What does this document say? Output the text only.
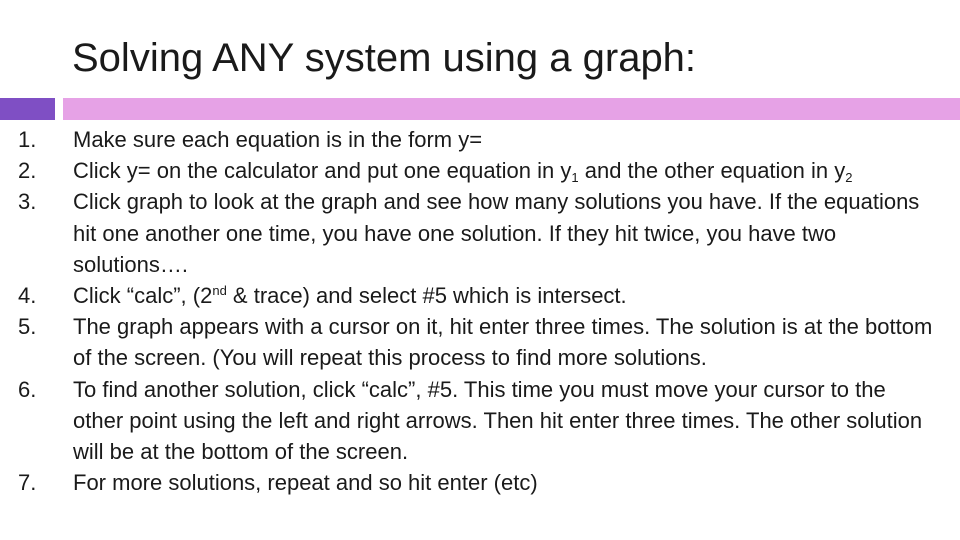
Solving ANY system using a graph:
1. Make sure each equation is in the form y=
2. Click y= on the calculator and put one equation in $y_1$ and the other equation in $y_2$
3. Click graph to look at the graph and see how many solutions you have. If the equations hit one another one time, you have one solution. If they hit twice, you have two solutions….
4. Click “calc”, (2nd & trace) and select #5 which is intersect.
5. The graph appears with a cursor on it, hit enter three times. The solution is at the bottom of the screen. (You will repeat this process to find more solutions.
6. To find another solution, click “calc”, #5. This time you must move your cursor to the other point using the left and right arrows. Then hit enter three times. The other solution will be at the bottom of the screen.
7. For more solutions, repeat and so hit enter (etc)
